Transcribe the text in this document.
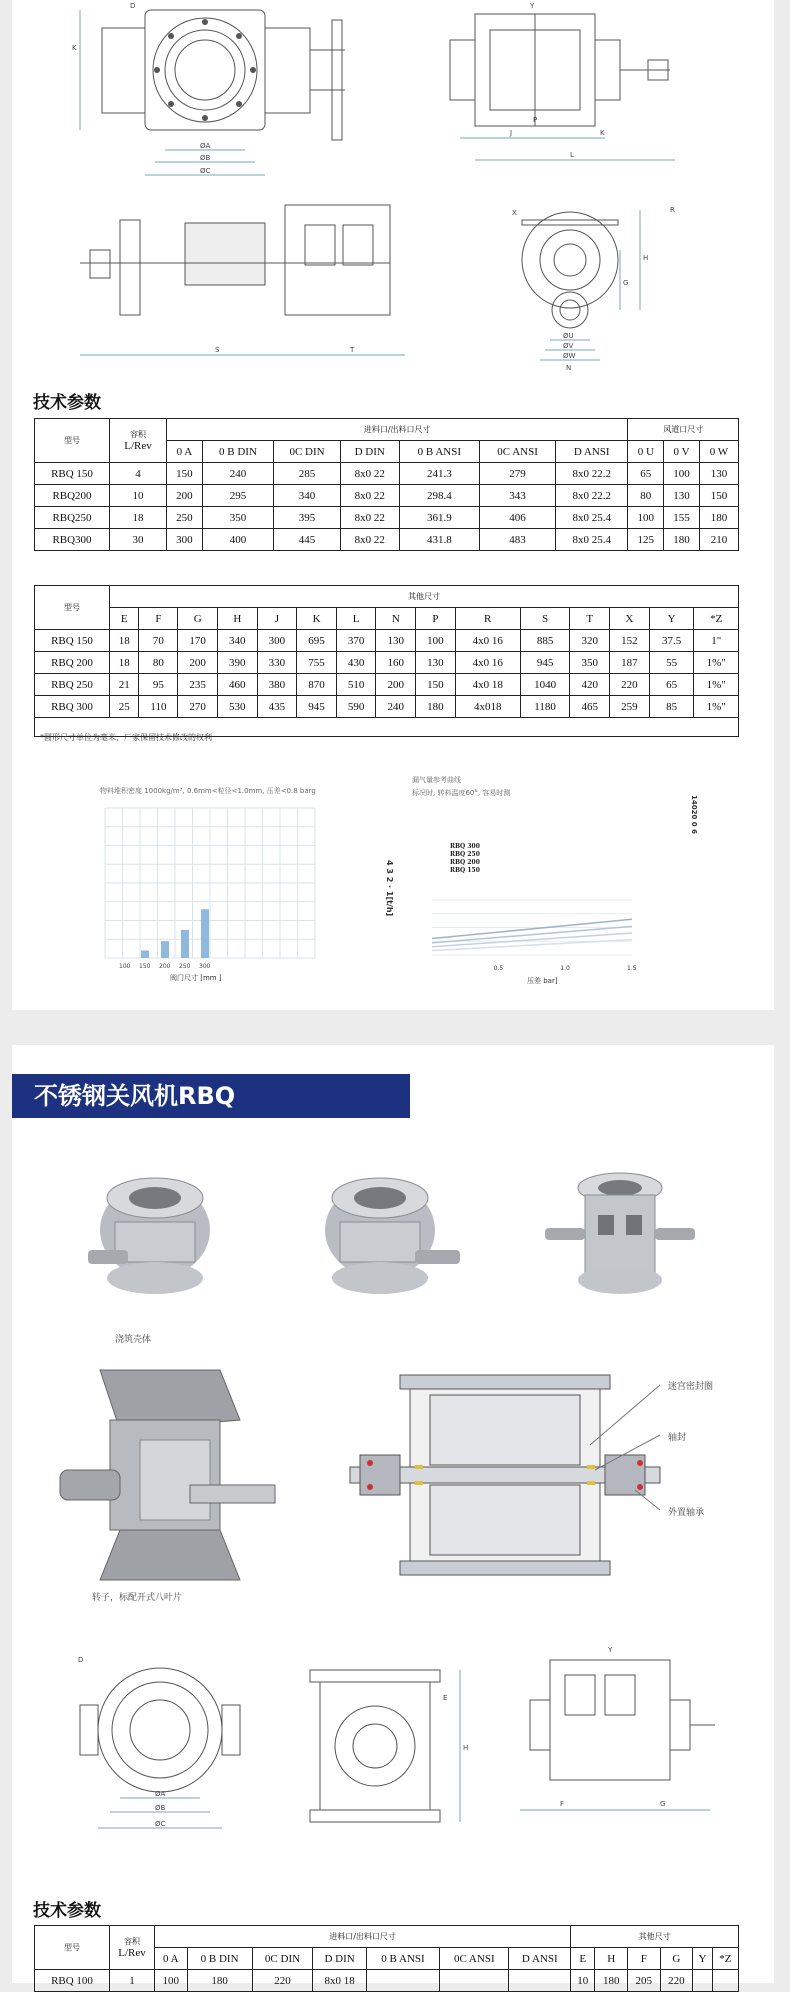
ØA
ØB
ØC
D
K
J	K
L
P
Y
S	T
ØU
ØV
ØW
N
H
G
X	R
技术参数
型号	容积
L/Rev	进料口/出料口尺寸							风道口尺寸		
		0 A	0 B DIN	0C DIN	D DIN	0 B ANSI	0C ANSI	D ANSI	0 U	0 V	0 W
RBQ 150	4	150	240	285	8x0 22	241.3	279	8x0 22.2	65	100	130
RBQ200	10	200	295	340	8x0 22	298.4	343	8x0 22.2	80	130	150
RBQ250	18	250	350	395	8x0 22	361.9	406	8x0 25.4	100	155	180
RBQ300	30	300	400	445	8x0 22	431.8	483	8x0 25.4	125	180	210
型号	其他尺寸														
	E	F	G	H	J	K	L	N	P	R	S	T	X	Y	*Z
RBQ 150	18	70	170	340	300	695	370	130	100	4x0 16	885	320	152	37.5	1"
RBQ 200	18	80	200	390	330	755	430	160	130	4x0 16	945	350	187	55	1%"
RBQ 250	21	95	235	460	380	870	510	200	150	4x0 18	1040	420	220	65	1%"
RBQ 300	25	110	270	530	435	945	590	240	180	4x018	1180	465	259	85	1%"

*圆形尺寸单位为毫米，厂家保留技术修改的权利
物料堆积密度 1000kg/m³, 0.6mm<粒径<1.0mm, 压差<0.8 barg
100 150 200 250 300
阀门尺寸 [mm ]
4 3 2 · 1[t/h]
漏气量参考曲线
标况时, 转料温度60°, 容易时测
RBQ 300
RBQ 250
RBQ 200
RBQ 150
0.5	1.0	1.5
压差 bar]
14020 0 6
不锈钢关风机RBQ
浇筑壳体
转子，标配开式八叶片
迷宫密封圈
轴封
外置轴承
ØA
ØB
ØC
D
H
E
F	G
Y
技术参数
型号	容积
L/Rev	进料口/出料口尺寸							其他尺寸					
		0 A	0 B DIN	0C DIN	D DIN	0 B ANSI	0C ANSI	D ANSI	E	H	F	G	Y	*Z
RBQ 100	1	100	180	220	8x0 18				10	180	205	220		
